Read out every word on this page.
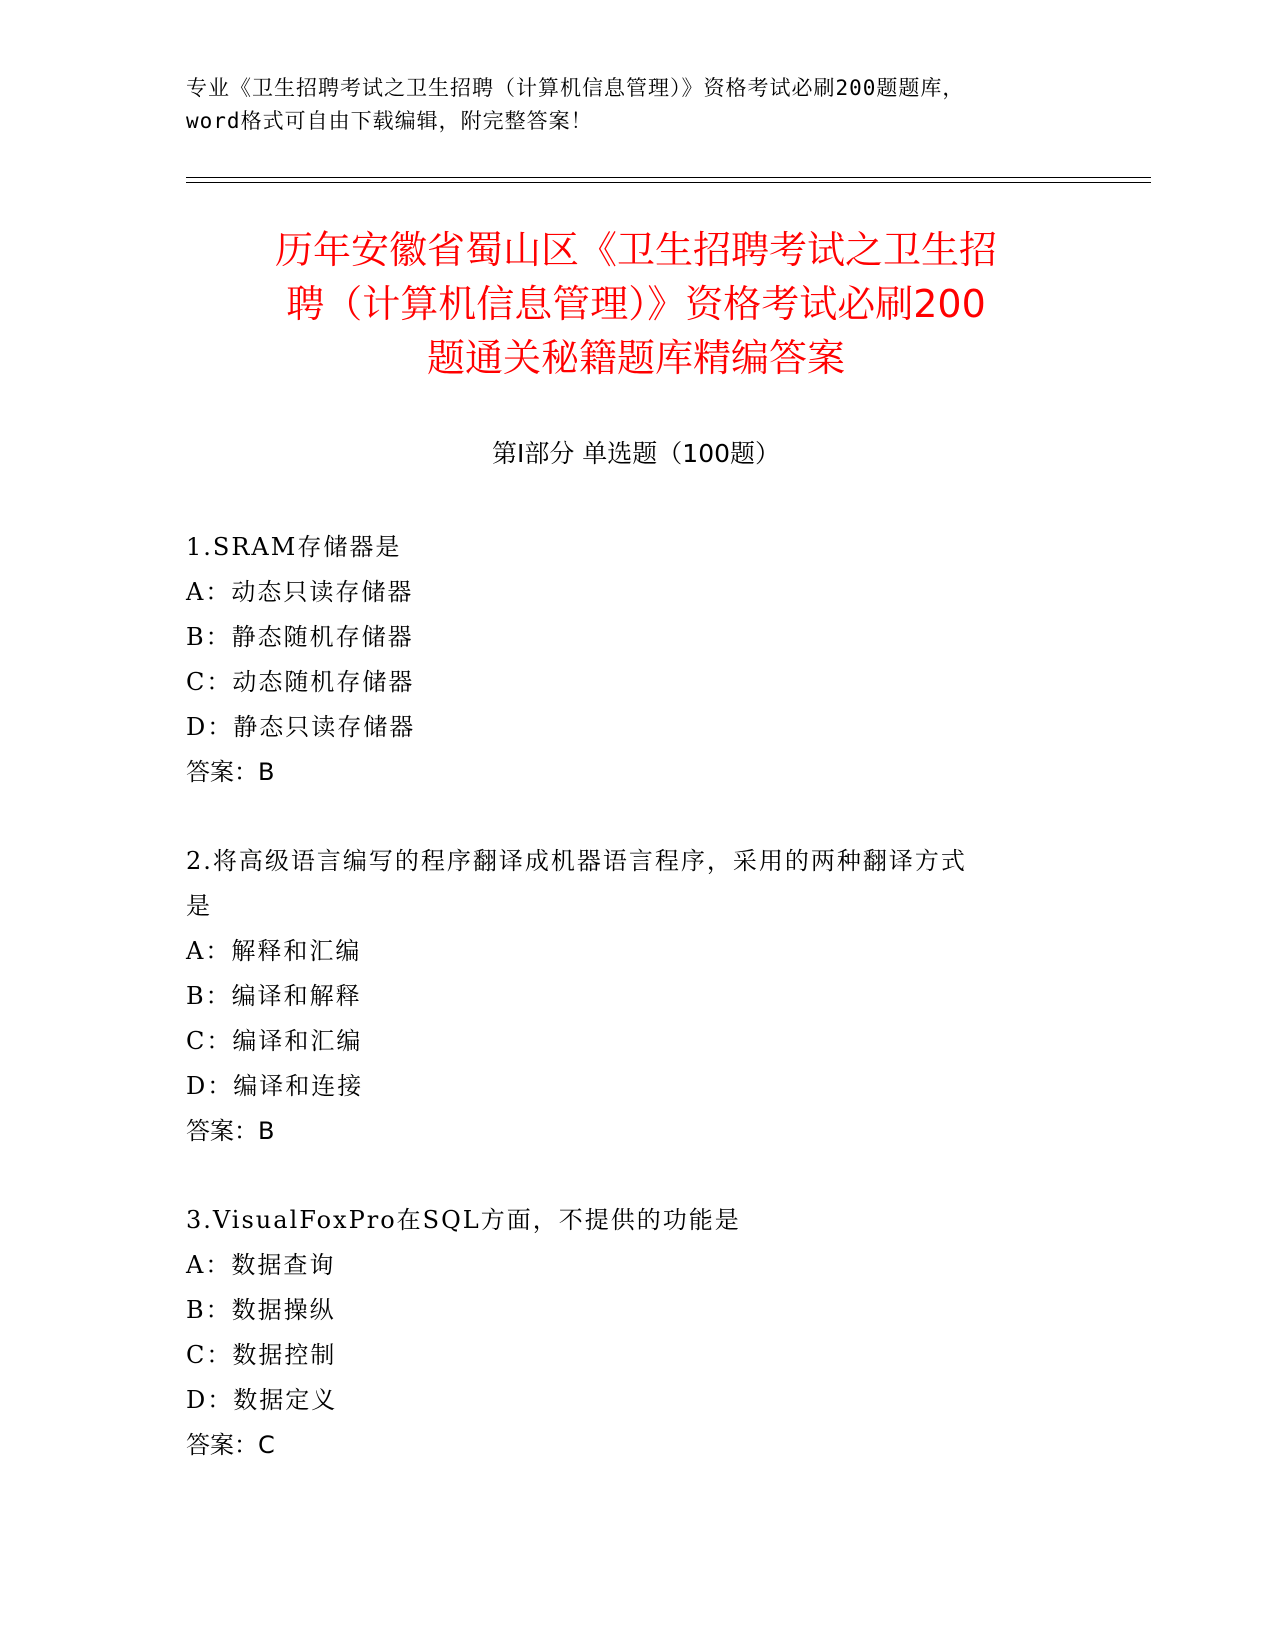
专业《卫生招聘考试之卫生招聘（计算机信息管理）》资格考试必刷200题题库，
word格式可自由下载编辑，附完整答案！
历年安徽省蜀山区《卫生招聘考试之卫生招
聘（计算机信息管理）》资格考试必刷200
题通关秘籍题库精编答案
第Ⅰ部分 单选题（100题）
1.SRAM存储器是
A：动态只读存储器
B：静态随机存储器
C：动态随机存储器
D：静态只读存储器
答案：B
2.将高级语言编写的程序翻译成机器语言程序，采用的两种翻译方式
是
A：解释和汇编
B：编译和解释
C：编译和汇编
D：编译和连接
答案：B
3.VisualFoxPro在SQL方面，不提供的功能是
A：数据查询
B：数据操纵
C：数据控制
D：数据定义
答案：C
